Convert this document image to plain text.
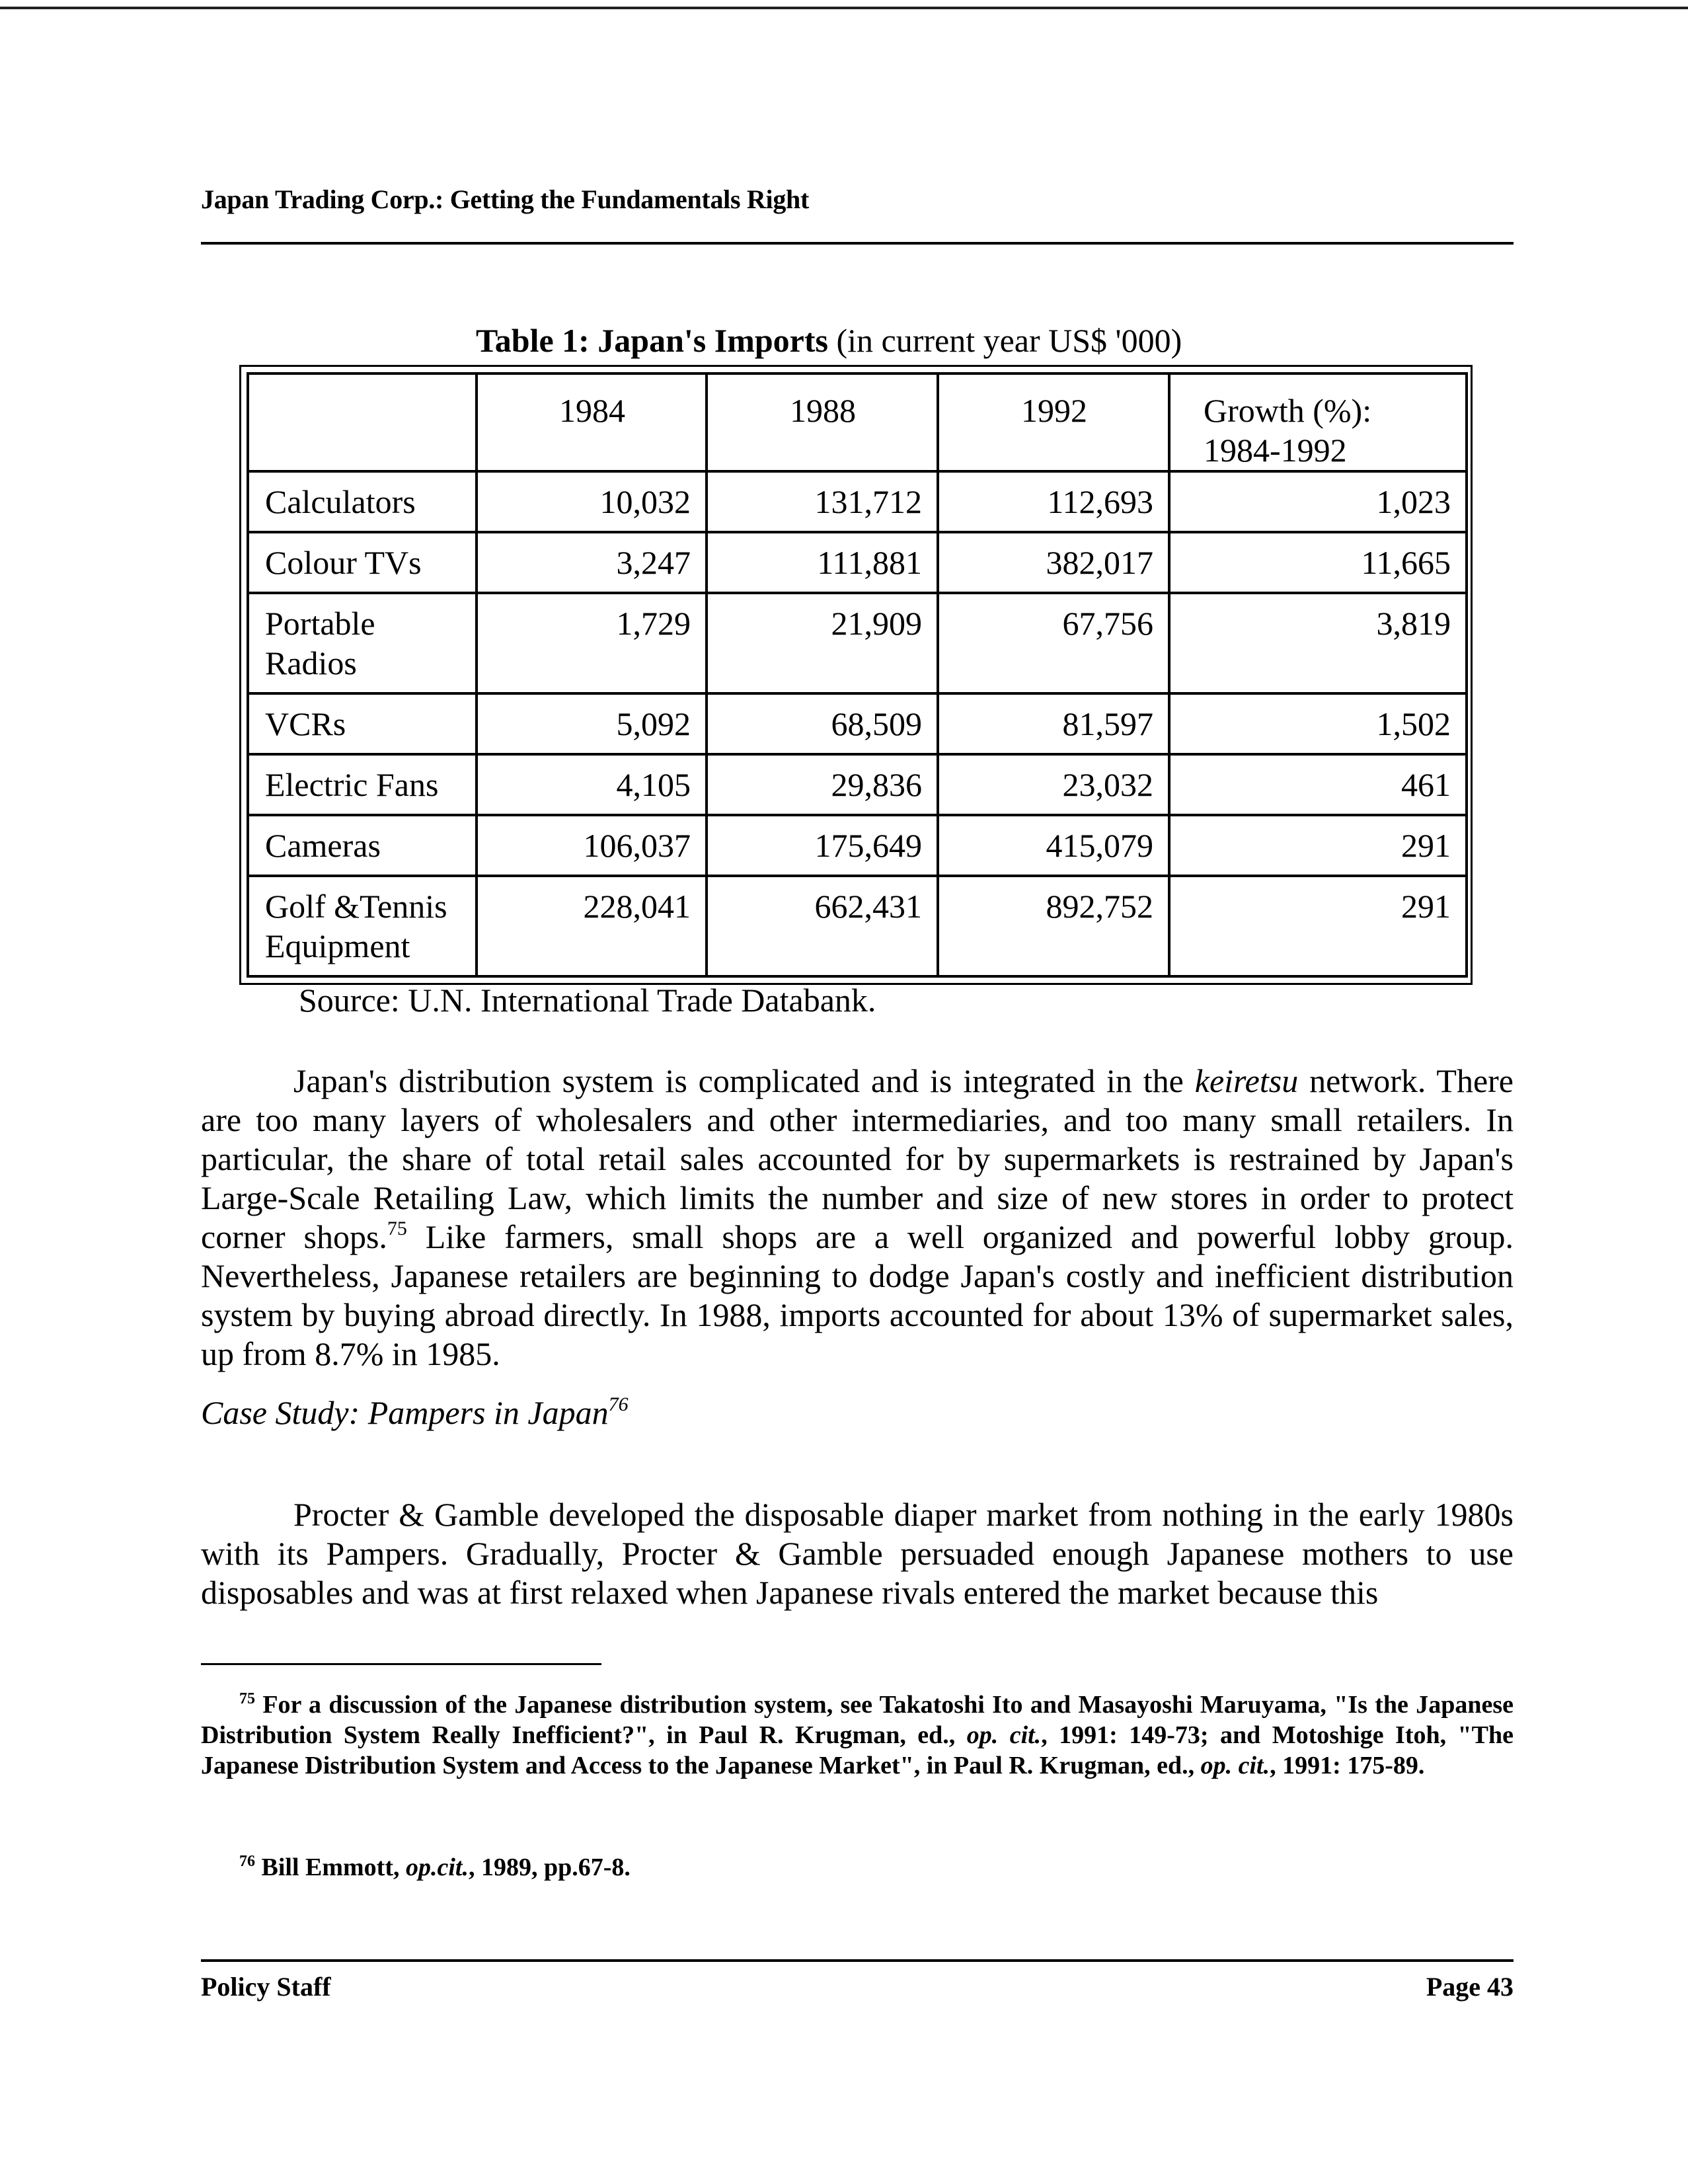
Japan Trading Corp.: Getting the Fundamentals Right
Table 1: Japan's Imports (in current year US$ '000)
	1984	1988	1992	Growth (%):
1984-1992
Calculators	10,032	131,712	112,693	1,023
Colour TVs	3,247	111,881	382,017	11,665
Portable Radios	1,729	21,909	67,756	3,819
VCRs	5,092	68,509	81,597	1,502
Electric Fans	4,105	29,836	23,032	461
Cameras	106,037	175,649	415,079	291
Golf &Tennis Equipment	228,041	662,431	892,752	291
Source: U.N. International Trade Databank.

Japan's distribution system is complicated and is integrated in the keiretsu network. There are too many layers of wholesalers and other intermediaries, and too many small retailers. In particular, the share of total retail sales accounted for by supermarkets is restrained by Japan's Large-Scale Retailing Law, which limits the number and size of new stores in order to protect corner shops.$^{75}$ Like farmers, small shops are a well organized and powerful lobby group. Nevertheless, Japanese retailers are beginning to dodge Japan's costly and inefficient distribution system by buying abroad directly. In 1988, imports accounted for about 13% of supermarket sales, up from 8.7% in 1985.

Case Study: Pampers in Japan$^{76}$

Procter & Gamble developed the disposable diaper market from nothing in the early 1980s with its Pampers. Gradually, Procter & Gamble persuaded enough Japanese mothers to use disposables and was at first relaxed when Japanese rivals entered the market because this

$^{75}$ For a discussion of the Japanese distribution system, see Takatoshi Ito and Masayoshi Maruyama, "Is the Japanese Distribution System Really Inefficient?", in Paul R. Krugman, ed., op. cit., 1991: 149-73; and Motoshige Itoh, "The Japanese Distribution System and Access to the Japanese Market", in Paul R. Krugman, ed., op. cit., 1991: 175-89.

$^{76}$ Bill Emmott, op.cit., 1989, pp.67-8.

Policy Staff	Page 43
